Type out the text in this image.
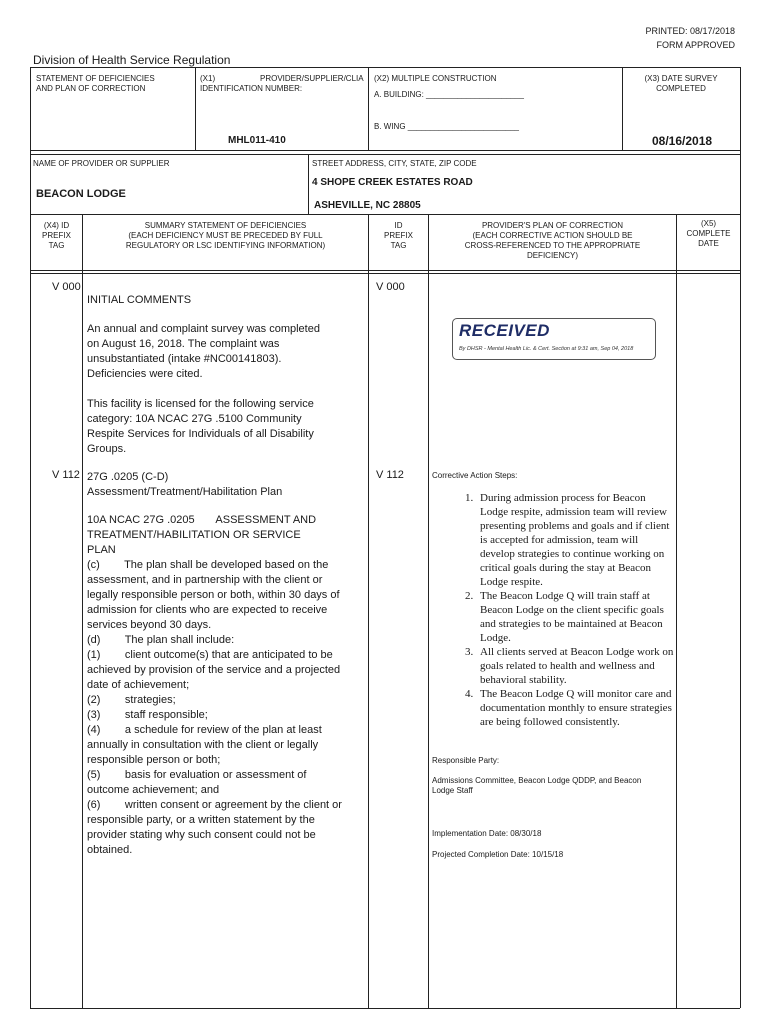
PRINTED: 08/17/2018
FORM APPROVED
Division of Health Service Regulation
STATEMENT OF DEFICIENCIES
AND PLAN OF CORRECTION
(X1)	PROVIDER/SUPPLIER/CLIA
IDENTIFICATION NUMBER:
MHL011-410
(X2) MULTIPLE CONSTRUCTION
A. BUILDING: ______________________
B. WING _________________________
(X3) DATE SURVEY
COMPLETED
08/16/2018
NAME OF PROVIDER OR SUPPLIER
BEACON LODGE
STREET ADDRESS, CITY, STATE, ZIP CODE
4 SHOPE CREEK ESTATES ROAD
ASHEVILLE, NC 28805
(X4) ID
PREFIX
TAG
SUMMARY STATEMENT OF DEFICIENCIES
(EACH DEFICIENCY MUST BE PRECEDED BY FULL
REGULATORY OR LSC IDENTIFYING INFORMATION)
ID
PREFIX
TAG
PROVIDER'S PLAN OF CORRECTION
(EACH CORRECTIVE ACTION SHOULD BE
CROSS-REFERENCED TO THE APPROPRIATE
DEFICIENCY)
(X5)
COMPLETE
DATE
V 000	V 000
INITIAL COMMENTS
An annual and complaint survey was completed
on August 16, 2018. The complaint was
unsubstantiated (intake #NC00141803).
Deficiencies were cited.
This facility is licensed for the following service
category: 10A NCAC 27G .5100 Community
Respite Services for Individuals of all Disability
Groups.
RECEIVED
By DHSR - Mental Health Lic. & Cert. Section at 9:31 am, Sep 04, 2018
V 112	V 112
27G .0205 (C-D)
Assessment/Treatment/Habilitation Plan
10A NCAC 27G .0205       ASSESSMENT AND
TREATMENT/HABILITATION OR SERVICE
PLAN
(c)        The plan shall be developed based on the
assessment, and in partnership with the client or
legally responsible person or both, within 30 days of
admission for clients who are expected to receive
services beyond 30 days.
(d)        The plan shall include:
(1)        client outcome(s) that are anticipated to be
achieved by provision of the service and a projected
date of achievement;
(2)        strategies;
(3)        staff responsible;
(4)        a schedule for review of the plan at least
annually in consultation with the client or legally
responsible person or both;
(5)        basis for evaluation or assessment of
outcome achievement; and
(6)        written consent or agreement by the client or
responsible party, or a written statement by the
provider stating why such consent could not be
obtained.
Corrective Action Steps:
1. During admission process for Beacon Lodge respite, admission team will review presenting problems and goals and if client is accepted for admission, team will develop strategies to continue working on critical goals during the stay at Beacon Lodge respite.
2. The Beacon Lodge Q will train staff at Beacon Lodge on the client specific goals and strategies to be maintained at Beacon Lodge.
3. All clients served at Beacon Lodge work on goals related to health and wellness and behavioral stability.
4. The Beacon Lodge Q will monitor care and documentation monthly to ensure strategies are being followed consistently.
Responsible Party:
Admissions Committee, Beacon Lodge QDDP, and Beacon
Lodge Staff
Implementation Date: 08/30/18
Projected Completion Date: 10/15/18
